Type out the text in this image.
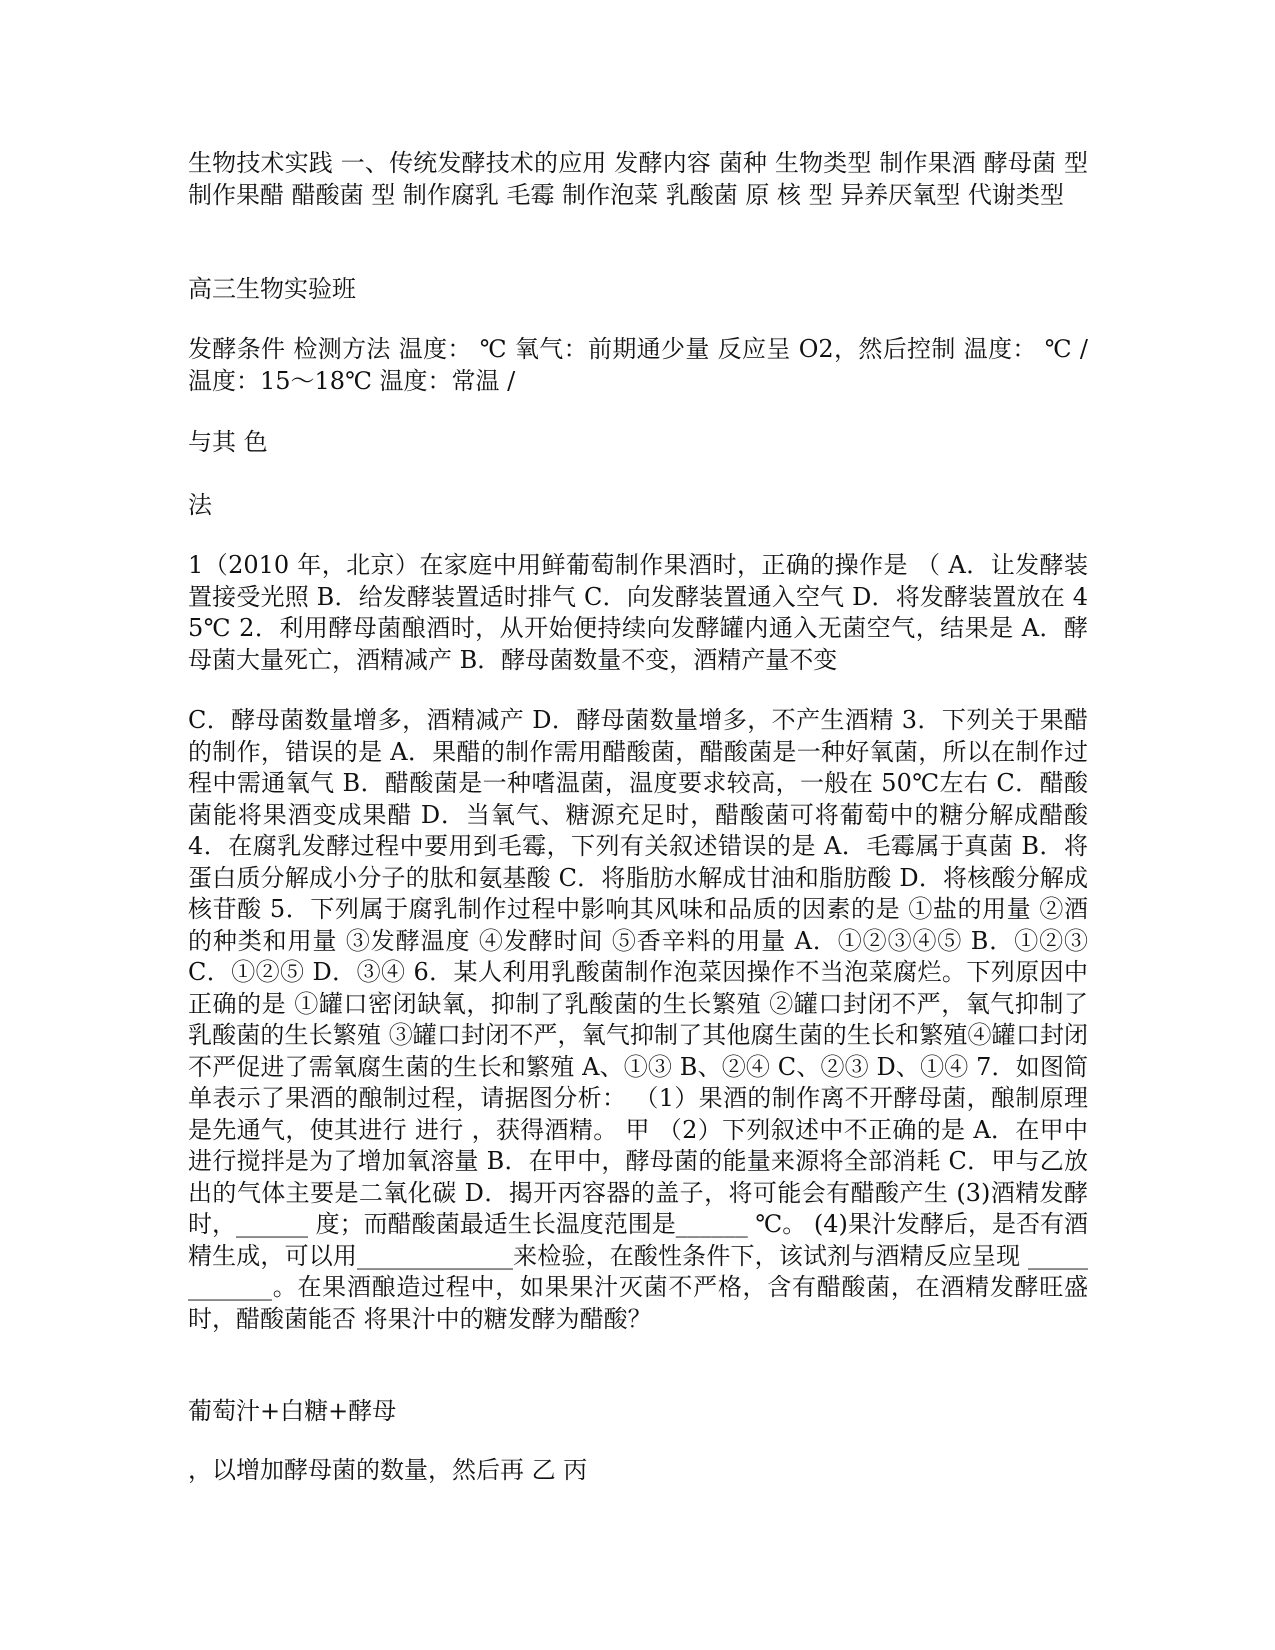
生物技术实践 一、传统发酵技术的应用 发酵内容 菌种 生物类型 制作果酒 酵母菌 型 制作果醋 醋酸菌 型 制作腐乳 毛霉 制作泡菜 乳酸菌 原 核 型 异养厌氧型 代谢类型

高三生物实验班

发酵条件 检测方法 温度： ℃ 氧气：前期通少量 反应呈 O2，然后控制 温度： ℃ / 温度：15～18℃ 温度：常温 /

与其 色

法

1（2010 年，北京）在家庭中用鲜葡萄制作果酒时，正确的操作是 （ A．让发酵装置接受光照 B．给发酵装置适时排气 C．向发酵装置通入空气 D．将发酵装置放在 45℃ 2．利用酵母菌酿酒时，从开始便持续向发酵罐内通入无菌空气，结果是 A．酵母菌大量死亡，酒精减产 B．酵母菌数量不变，酒精产量不变

C．酵母菌数量增多，酒精减产 D．酵母菌数量增多，不产生酒精 3．下列关于果醋的制作，错误的是 A．果醋的制作需用醋酸菌，醋酸菌是一种好氧菌，所以在制作过程中需通氧气 B．醋酸菌是一种嗜温菌，温度要求较高，一般在 50℃左右 C．醋酸菌能将果酒变成果醋 D．当氧气、糖源充足时，醋酸菌可将葡萄中的糖分解成醋酸 4．在腐乳发酵过程中要用到毛霉，下列有关叙述错误的是 A．毛霉属于真菌 B．将蛋白质分解成小分子的肽和氨基酸 C．将脂肪水解成甘油和脂肪酸 D．将核酸分解成核苷酸 5．下列属于腐乳制作过程中影响其风味和品质的因素的是 ①盐的用量 ②酒的种类和用量 ③发酵温度 ④发酵时间 ⑤香辛料的用量 A．①②③④⑤ B．①②③ C．①②⑤ D．③④ 6．某人利用乳酸菌制作泡菜因操作不当泡菜腐烂。下列原因中正确的是 ①罐口密闭缺氧，抑制了乳酸菌的生长繁殖 ②罐口封闭不严，氧气抑制了乳酸菌的生长繁殖 ③罐口封闭不严，氧气抑制了其他腐生菌的生长和繁殖④罐口封闭不严促进了需氧腐生菌的生长和繁殖 A、①③ B、②④ C、②③ D、①④ 7．如图简单表示了果酒的酿制过程，请据图分析： （1）果酒的制作离不开酵母菌，酿制原理是先通气，使其进行 进行 ，获得酒精。 甲 （2）下列叙述中不正确的是 A．在甲中进行搅拌是为了增加氧溶量 B．在甲中，酵母菌的能量来源将全部消耗 C．甲与乙放出的气体主要是二氧化碳 D．揭开丙容器的盖子，将可能会有醋酸产生 (3)酒精发酵时，______ 度；而醋酸菌最适生长温度范围是______ ℃。 (4)果汁发酵后，是否有酒精生成，可以用_____________来检验，在酸性条件下，该试剂与酒精反应呈现 ____________。在果酒酿造过程中，如果果汁灭菌不严格，含有醋酸菌，在酒精发酵旺盛时，醋酸菌能否 将果汁中的糖发酵为醋酸？

葡萄汁+白糖+酵母

，以增加酵母菌的数量，然后再 乙 丙
